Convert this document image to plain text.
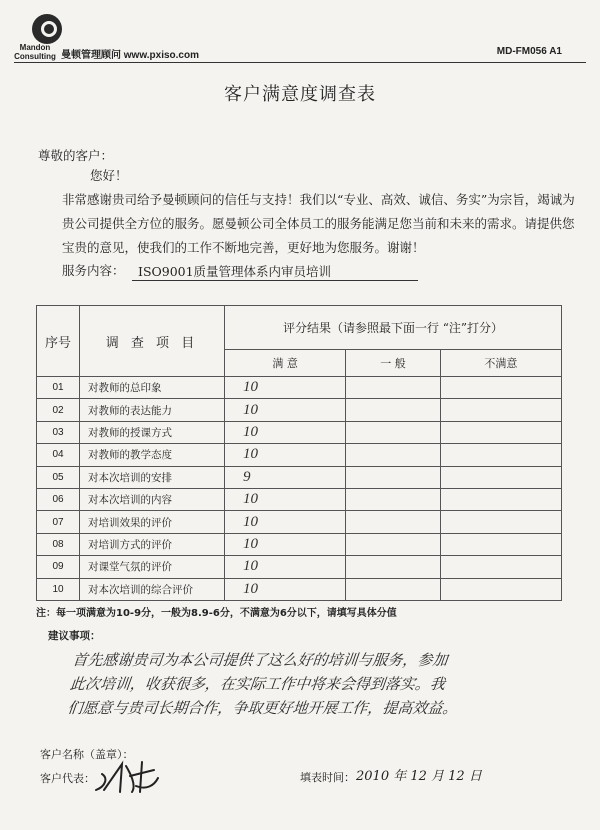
Mandon Consulting 曼顿管理顾问 www.pxiso.com	MD-FM056 A1
客户满意度调查表
尊敬的客户：
您好！
非常感谢贵司给予曼顿顾问的信任与支持！我们以“专业、高效、诚信、务实”为宗旨，竭诚为贵公司提供全方位的服务。愿曼顿公司全体员工的服务能满足您当前和未来的需求。请提供您宝贵的意见，使我们的工作不断地完善，更好地为您服务。谢谢！
服务内容：	ISO9001质量管理体系内审员培训
序号	调 查 项 目	评分结果（请参照最下面一行 “注”打分）		
		满 意	一 般	不满意
01	对教师的总印象	10		
02	对教师的表达能力	10		
03	对教师的授课方式	10		
04	对教师的教学态度	10		
05	对本次培训的安排	9		
06	对本次培训的内容	10		
07	对培训效果的评价	10		
08	对培训方式的评价	10		
09	对课堂气氛的评价	10		
10	对本次培训的综合评价	10		
注：每一项满意为10-9分，一般为8.9-6分，不满意为6分以下，请填写具体分值
建议事项：
首先感谢贵司为本公司提供了这么好的培训与服务，参加
此次培训，收获很多，在实际工作中将来会得到落实。我
们愿意与贵司长期合作，争取更好地开展工作，提高效益。
客户名称（盖章）：
客户代表：	填表时间： 2010 年 12 月 12 日
